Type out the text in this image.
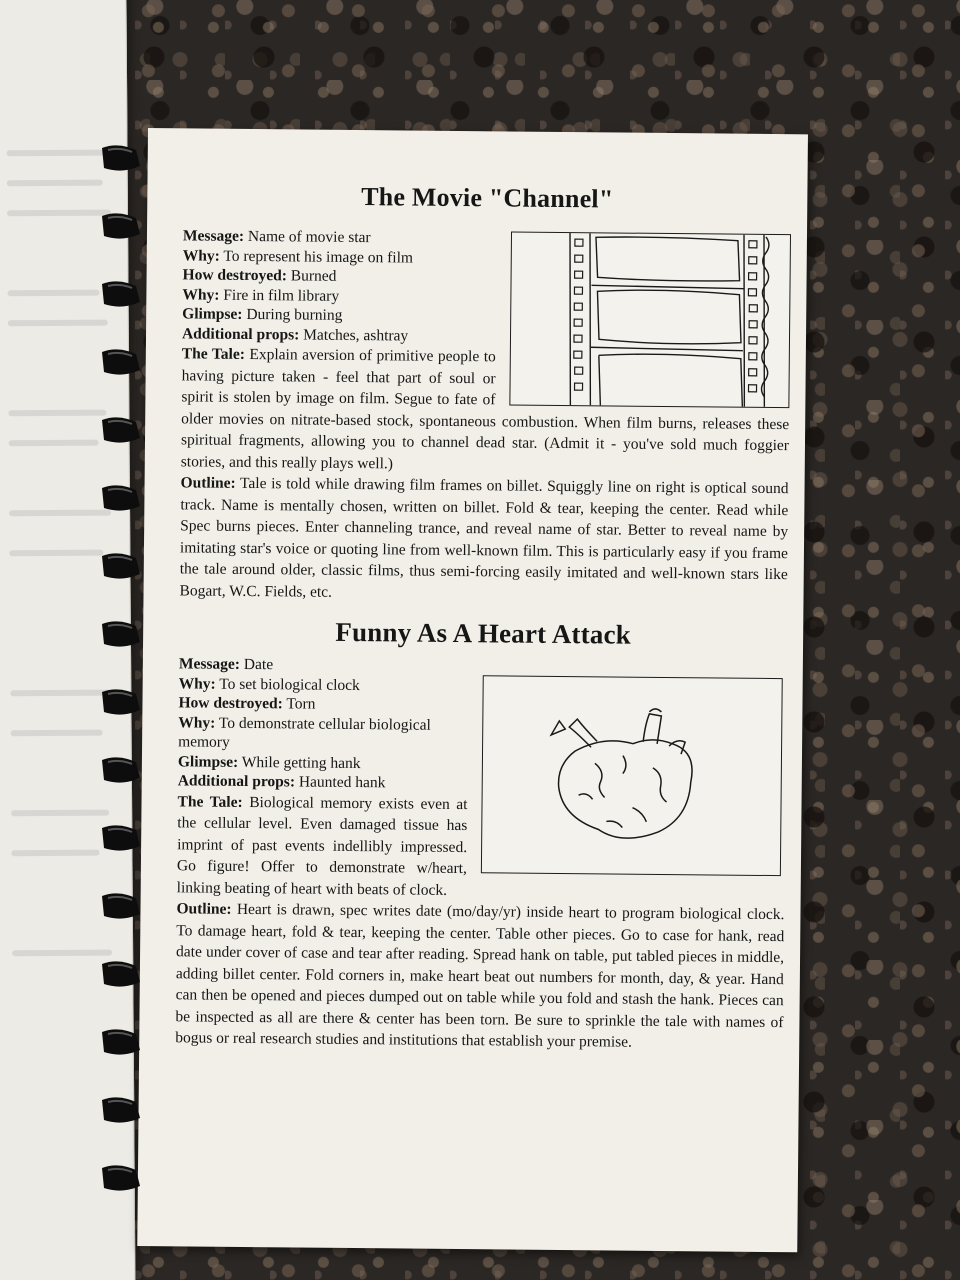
The Movie "Channel"
Message: Name of movie star
Why: To represent his image on film
How destroyed: Burned
Why: Fire in film library
Glimpse: During burning
Additional props: Matches, ashtray

The Tale: Explain aversion of primitive people to having picture taken - feel that part of soul or spirit is stolen by image on film. Segue to fate of older movies on nitrate-based stock, spontaneous combustion. When film burns, releases these spiritual fragments, allowing you to channel dead star. (Admit it - you've sold much foggier stories, and this really plays well.)

Outline: Tale is told while drawing film frames on billet. Squiggly line on right is optical sound track. Name is mentally chosen, written on billet. Fold & tear, keeping the center. Read while Spec burns pieces. Enter channeling trance, and reveal name of star. Better to reveal name by imitating star's voice or quoting line from well-known film. This is particularly easy if you frame the tale around older, classic films, thus semi-forcing easily imitated and well-known stars like Bogart, W.C. Fields, etc.

Funny As A Heart Attack
Message: Date
Why: To set biological clock
How destroyed: Torn
Why: To demonstrate cellular biological memory
Glimpse: While getting hank
Additional props: Haunted hank

The Tale: Biological memory exists even at the cellular level. Even damaged tissue has imprint of past events indellibly impressed. Go figure! Offer to demonstrate w/heart, linking beating of heart with beats of clock.

Outline: Heart is drawn, spec writes date (mo/day/yr) inside heart to program biological clock. To damage heart, fold & tear, keeping the center. Table other pieces. Go to case for hank, read date under cover of case and tear after reading. Spread hank on table, put tabled pieces in middle, adding billet center. Fold corners in, make heart beat out numbers for month, day, & year. Hand can then be opened and pieces dumped out on table while you fold and stash the hank. Pieces can be inspected as all are there & center has been torn. Be sure to sprinkle the tale with names of bogus or real research studies and institutions that establish your premise.
